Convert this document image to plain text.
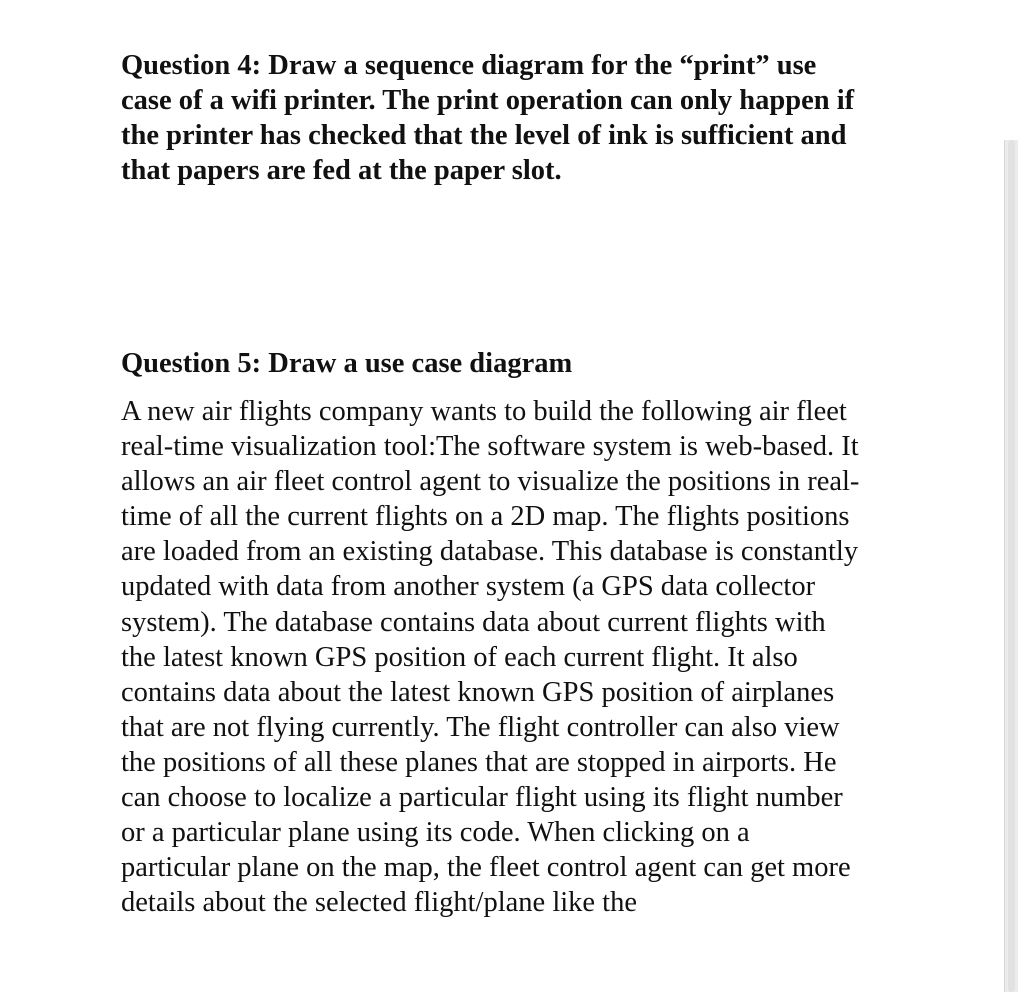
Question 4: Draw a sequence diagram for the “print” use
case of a wifi printer. The print operation can only happen if
the printer has checked that the level of ink is sufficient and
that papers are fed at the paper slot.
Question 5: Draw a use case diagram
A new air flights company wants to build the following air fleet
real-time visualization tool:The software system is web-based. It
allows an air fleet control agent to visualize the positions in real-
time of all the current flights on a 2D map. The flights positions
are loaded from an existing database. This database is constantly
updated with data from another system (a GPS data collector
system). The database contains data about current flights with
the latest known GPS position of each current flight. It also
contains data about the latest known GPS position of airplanes
that are not flying currently. The flight controller can also view
the positions of all these planes that are stopped in airports. He
can choose to localize a particular flight using its flight number
or a particular plane using its code. When clicking on a
particular plane on the map, the fleet control agent can get more
details about the selected flight/plane like the
